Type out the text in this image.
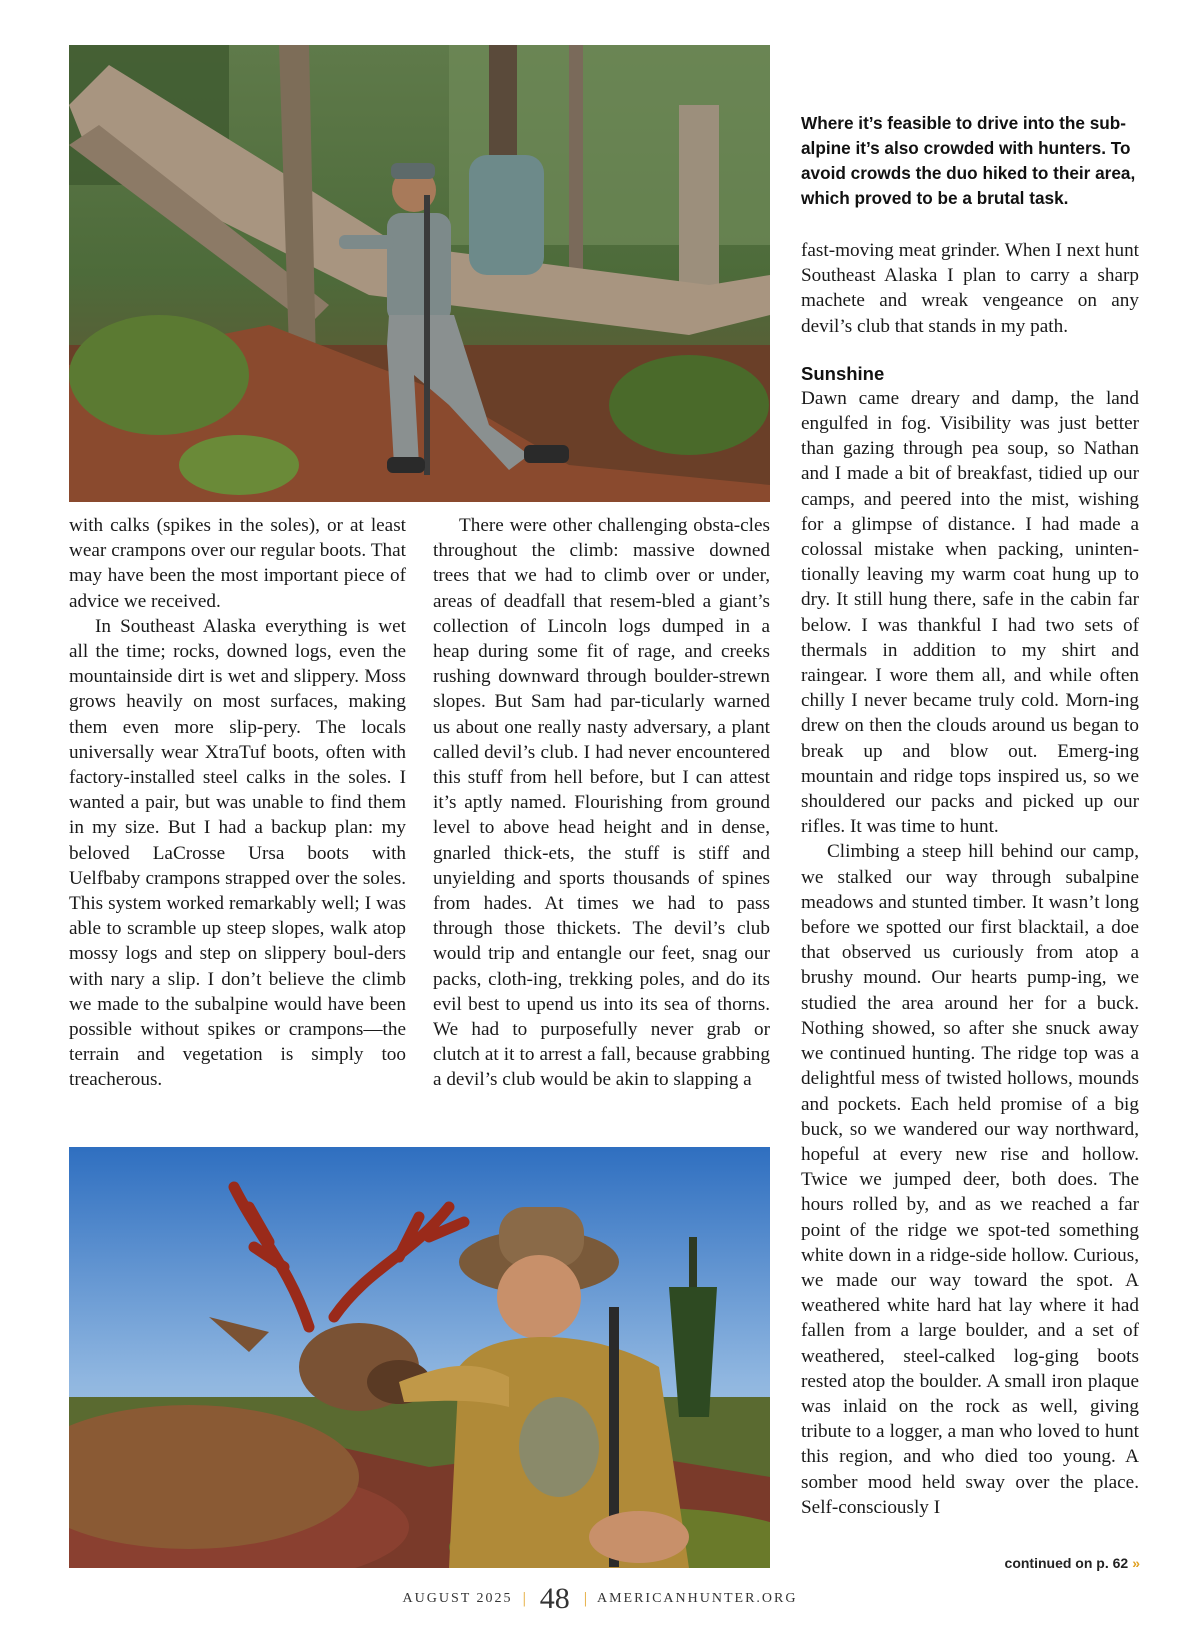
Where it’s feasible to drive into the sub-alpine it’s also crowded with hunters. To avoid crowds the duo hiked to their area, which proved to be a brutal task.

with calks (spikes in the soles), or at least wear crampons over our regular boots. That may have been the most important piece of advice we received.

In Southeast Alaska everything is wet all the time; rocks, downed logs, even the mountainside dirt is wet and slippery. Moss grows heavily on most surfaces, making them even more slip-pery. The locals universally wear XtraTuf boots, often with factory-installed steel calks in the soles. I wanted a pair, but was unable to find them in my size. But I had a backup plan: my beloved LaCrosse Ursa boots with Uelfbaby crampons strapped over the soles. This system worked remarkably well; I was able to scramble up steep slopes, walk atop mossy logs and step on slippery boul-ders with nary a slip. I don’t believe the climb we made to the subalpine would have been possible without spikes or crampons—the terrain and vegetation is simply too treacherous.

There were other challenging obsta-cles throughout the climb: massive downed trees that we had to climb over or under, areas of deadfall that resem-bled a giant’s collection of Lincoln logs dumped in a heap during some fit of rage, and creeks rushing downward through boulder-strewn slopes. But Sam had par-ticularly warned us about one really nasty adversary, a plant called devil’s club. I had never encountered this stuff from hell before, but I can attest it’s aptly named. Flourishing from ground level to above head height and in dense, gnarled thick-ets, the stuff is stiff and unyielding and sports thousands of spines from hades. At times we had to pass through those thickets. The devil’s club would trip and entangle our feet, snag our packs, cloth-ing, trekking poles, and do its evil best to upend us into its sea of thorns. We had to purposefully never grab or clutch at it to arrest a fall, because grabbing a devil’s club would be akin to slapping a

fast-moving meat grinder. When I next hunt Southeast Alaska I plan to carry a sharp machete and wreak vengeance on any devil’s club that stands in my path.

Sunshine

Dawn came dreary and damp, the land engulfed in fog. Visibility was just better than gazing through pea soup, so Nathan and I made a bit of breakfast, tidied up our camps, and peered into the mist, wishing for a glimpse of distance. I had made a colossal mistake when packing, uninten-tionally leaving my warm coat hung up to dry. It still hung there, safe in the cabin far below. I was thankful I had two sets of thermals in addition to my shirt and raingear. I wore them all, and while often chilly I never became truly cold. Morn-ing drew on then the clouds around us began to break up and blow out. Emerg-ing mountain and ridge tops inspired us, so we shouldered our packs and picked up our rifles. It was time to hunt.

Climbing a steep hill behind our camp, we stalked our way through subalpine meadows and stunted timber. It wasn’t long before we spotted our first blacktail, a doe that observed us curiously from atop a brushy mound. Our hearts pump-ing, we studied the area around her for a buck. Nothing showed, so after she snuck away we continued hunting. The ridge top was a delightful mess of twisted hollows, mounds and pockets. Each held promise of a big buck, so we wandered our way northward, hopeful at every new rise and hollow. Twice we jumped deer, both does. The hours rolled by, and as we reached a far point of the ridge we spot-ted something white down in a ridge-side hollow. Curious, we made our way toward the spot. A weathered white hard hat lay where it had fallen from a large boulder, and a set of weathered, steel-calked log-ging boots rested atop the boulder. A small iron plaque was inlaid on the rock as well, giving tribute to a logger, a man who loved to hunt this region, and who died too young. A somber mood held sway over the place. Self-consciously I

continued on p. 62 »
AUGUST 2025 | 48 | AMERICANHUNTER.ORG
